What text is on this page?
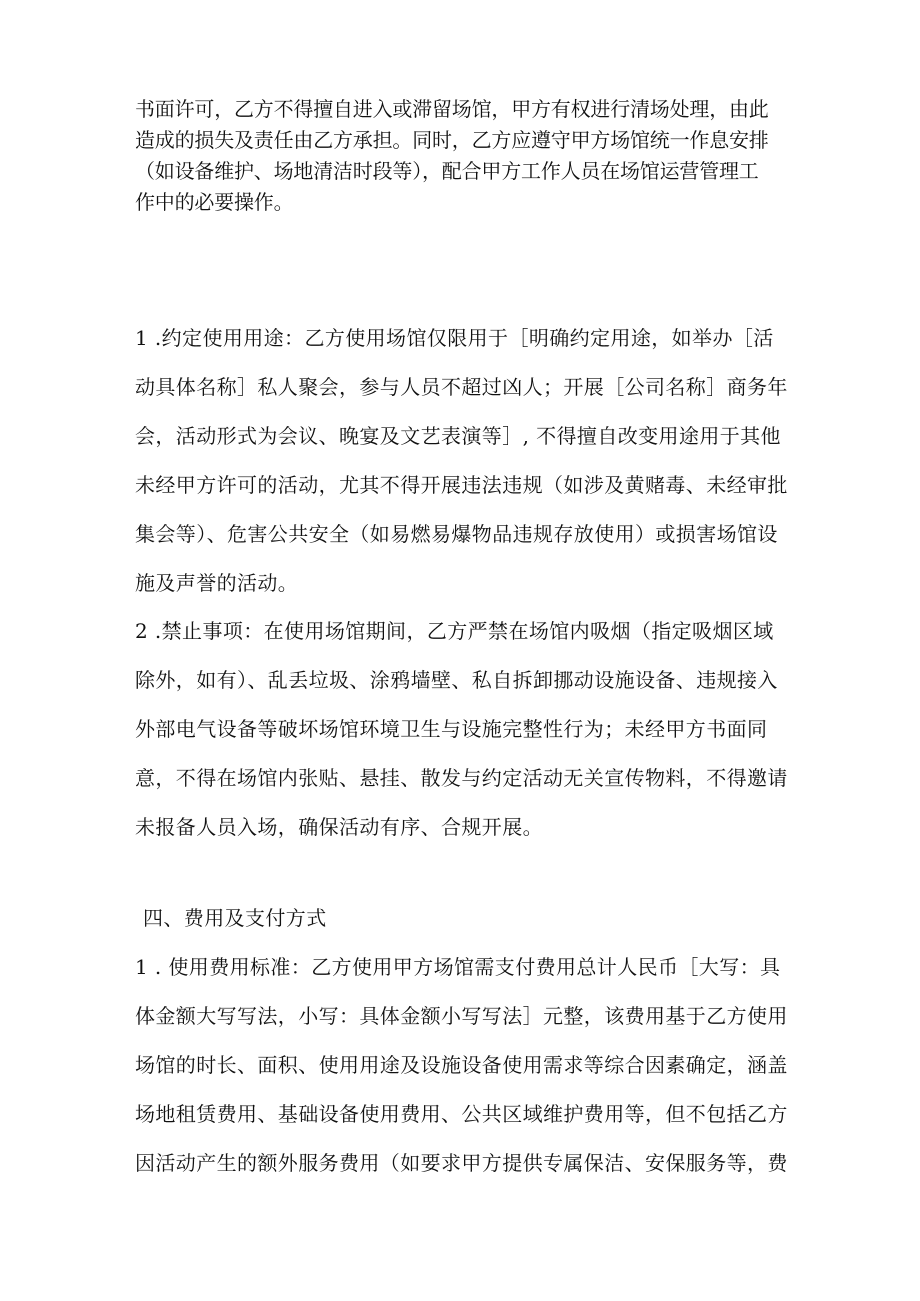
书面许可，乙方不得擅自进入或滞留场馆，甲方有权进行清场处理，由此
造成的损失及责任由乙方承担。同时，乙方应遵守甲方场馆统一作息安排
（如设备维护、场地清洁时段等），配合甲方工作人员在场馆运营管理工
作中的必要操作。
1 .约定使用用途：乙方使用场馆仅限用于［明确约定用途，如举办［活
动具体名称］私人聚会，参与人员不超过凶人；开展［公司名称］商务年
会，活动形式为会议、晚宴及文艺表演等］, 不得擅自改变用途用于其他
未经甲方许可的活动，尤其不得开展违法违规（如涉及黄赌毒、未经审批
集会等）、危害公共安全（如易燃易爆物品违规存放使用）或损害场馆设
施及声誉的活动。
2 .禁止事项：在使用场馆期间，乙方严禁在场馆内吸烟（指定吸烟区域
除外，如有）、乱丢垃圾、涂鸦墙壁、私自拆卸挪动设施设备、违规接入
外部电气设备等破坏场馆环境卫生与设施完整性行为；未经甲方书面同
意，不得在场馆内张贴、悬挂、散发与约定活动无关宣传物料，不得邀请
未报备人员入场，确保活动有序、合规开展。
四、费用及支付方式
1 . 使用费用标准：乙方使用甲方场馆需支付费用总计人民币［大写：具
体金额大写写法，小写：具体金额小写写法］元整，该费用基于乙方使用
场馆的时长、面积、使用用途及设施设备使用需求等综合因素确定，涵盖
场地租赁费用、基础设备使用费用、公共区域维护费用等，但不包括乙方
因活动产生的额外服务费用（如要求甲方提供专属保洁、安保服务等，费
